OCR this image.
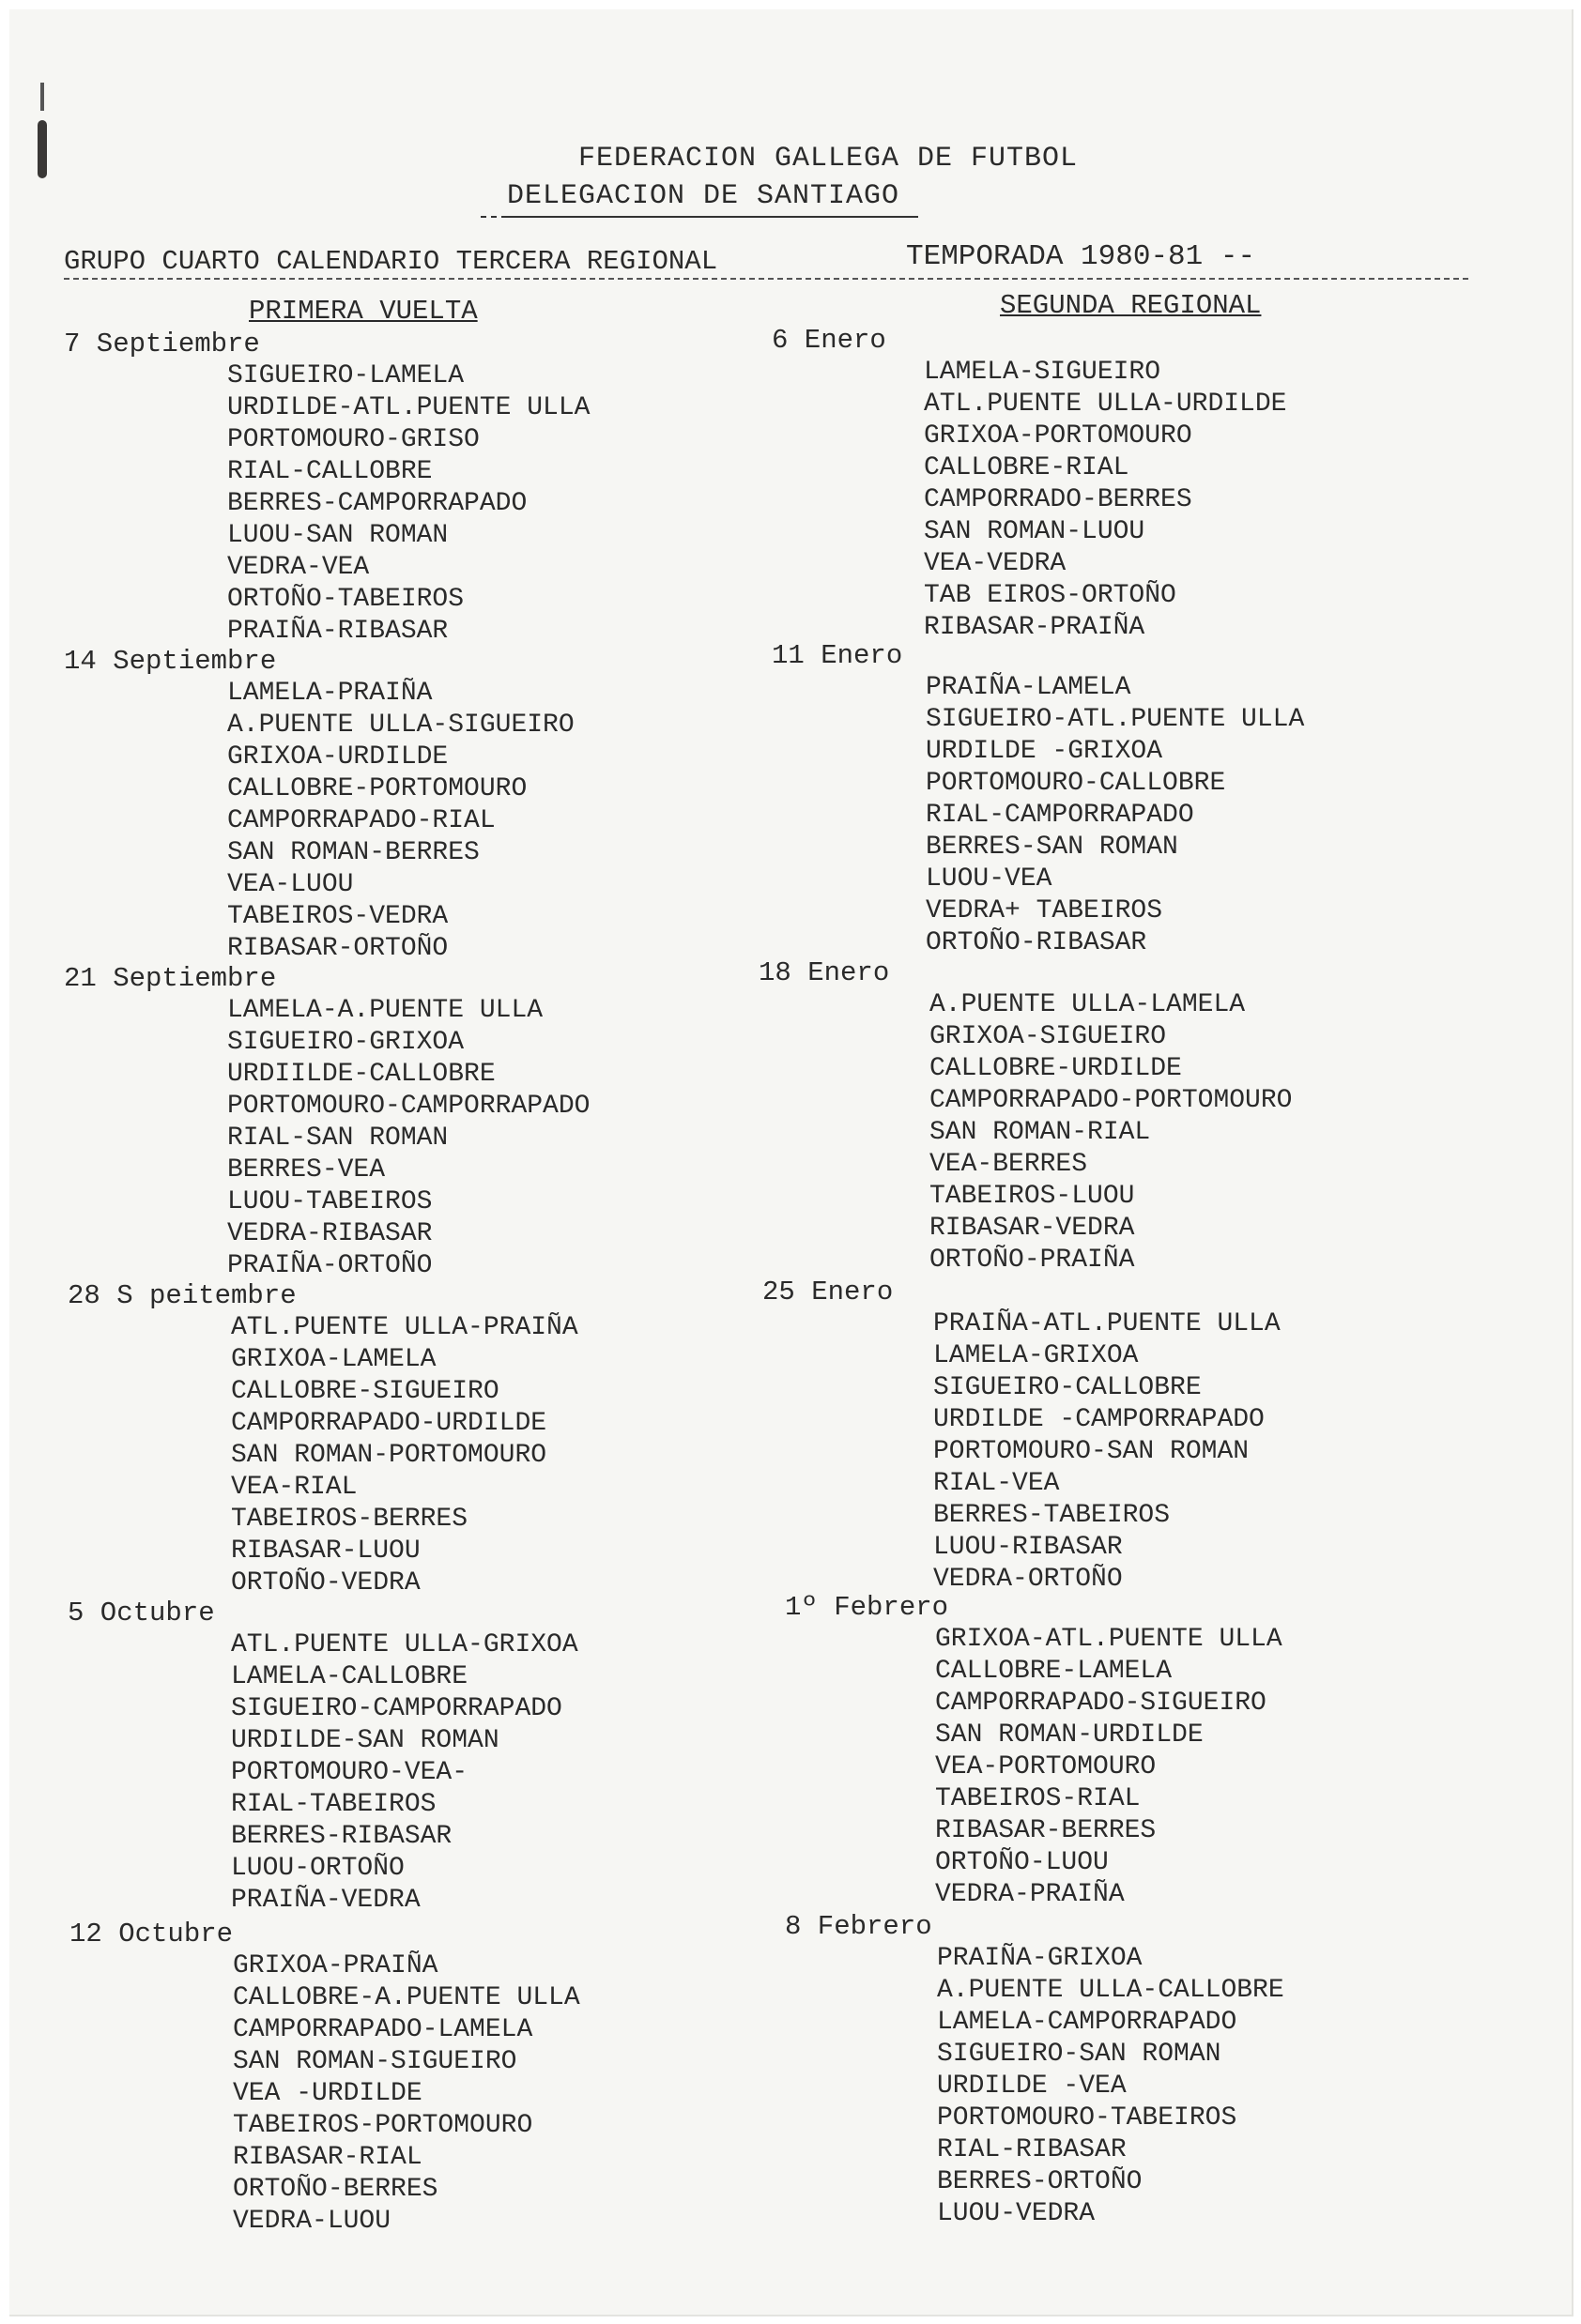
FEDERACION GALLEGA DE FUTBOL
DELEGACION DE SANTIAGO
GRUPO CUARTO CALENDARIO TERCERA REGIONAL	TEMPORADA 1980-81 --
PRIMERA VUELTA	SEGUNDA REGIONAL
7 Septiembre
SIGUEIRO-LAMELA
URDILDE-ATL.PUENTE ULLA
PORTOMOURO-GRISO
RIAL-CALLOBRE
BERRES-CAMPORRAPADO
LUOU-SAN ROMAN
VEDRA-VEA
ORTOÑO-TABEIROS
PRAIÑA-RIBASAR
14 Septiembre
LAMELA-PRAIÑA
A.PUENTE ULLA-SIGUEIRO
GRIXOA-URDILDE
CALLOBRE-PORTOMOURO
CAMPORRAPADO-RIAL
SAN ROMAN-BERRES
VEA-LUOU
TABEIROS-VEDRA
RIBASAR-ORTOÑO
21 Septiembre
LAMELA-A.PUENTE ULLA
SIGUEIRO-GRIXOA
URDIILDE-CALLOBRE
PORTOMOURO-CAMPORRAPADO
RIAL-SAN ROMAN
BERRES-VEA
LUOU-TABEIROS
VEDRA-RIBASAR
PRAIÑA-ORTOÑO
28 S peitembre
ATL.PUENTE ULLA-PRAIÑA
GRIXOA-LAMELA
CALLOBRE-SIGUEIRO
CAMPORRAPADO-URDILDE
SAN ROMAN-PORTOMOURO
VEA-RIAL
TABEIROS-BERRES
RIBASAR-LUOU
ORTOÑO-VEDRA
5 Octubre
ATL.PUENTE ULLA-GRIXOA
LAMELA-CALLOBRE
SIGUEIRO-CAMPORRAPADO
URDILDE-SAN ROMAN
PORTOMOURO-VEA-
RIAL-TABEIROS
BERRES-RIBASAR
LUOU-ORTOÑO
PRAIÑA-VEDRA
12 Octubre
GRIXOA-PRAIÑA
CALLOBRE-A.PUENTE ULLA
CAMPORRAPADO-LAMELA
SAN ROMAN-SIGUEIRO
VEA -URDILDE
TABEIROS-PORTOMOURO
RIBASAR-RIAL
ORTOÑO-BERRES
VEDRA-LUOU
6 Enero
LAMELA-SIGUEIRO
ATL.PUENTE ULLA-URDILDE
GRIXOA-PORTOMOURO
CALLOBRE-RIAL
CAMPORRADO-BERRES
SAN ROMAN-LUOU
VEA-VEDRA
TAB EIROS-ORTOÑO
RIBASAR-PRAIÑA
11 Enero
PRAIÑA-LAMELA
SIGUEIRO-ATL.PUENTE ULLA
URDILDE -GRIXOA
PORTOMOURO-CALLOBRE
RIAL-CAMPORRAPADO
BERRES-SAN ROMAN
LUOU-VEA
VEDRA+ TABEIROS
ORTOÑO-RIBASAR
18 Enero
A.PUENTE ULLA-LAMELA
GRIXOA-SIGUEIRO
CALLOBRE-URDILDE
CAMPORRAPADO-PORTOMOURO
SAN ROMAN-RIAL
VEA-BERRES
TABEIROS-LUOU
RIBASAR-VEDRA
ORTOÑO-PRAIÑA
25 Enero
PRAIÑA-ATL.PUENTE ULLA
LAMELA-GRIXOA
SIGUEIRO-CALLOBRE
URDILDE -CAMPORRAPADO
PORTOMOURO-SAN ROMAN
RIAL-VEA
BERRES-TABEIROS
LUOU-RIBASAR
VEDRA-ORTOÑO
1º Febrero
GRIXOA-ATL.PUENTE ULLA
CALLOBRE-LAMELA
CAMPORRAPADO-SIGUEIRO
SAN ROMAN-URDILDE
VEA-PORTOMOURO
TABEIROS-RIAL
RIBASAR-BERRES
ORTOÑO-LUOU
VEDRA-PRAIÑA
8 Febrero
PRAIÑA-GRIXOA
A.PUENTE ULLA-CALLOBRE
LAMELA-CAMPORRAPADO
SIGUEIRO-SAN ROMAN
URDILDE -VEA
PORTOMOURO-TABEIROS
RIAL-RIBASAR
BERRES-ORTOÑO
LUOU-VEDRA
